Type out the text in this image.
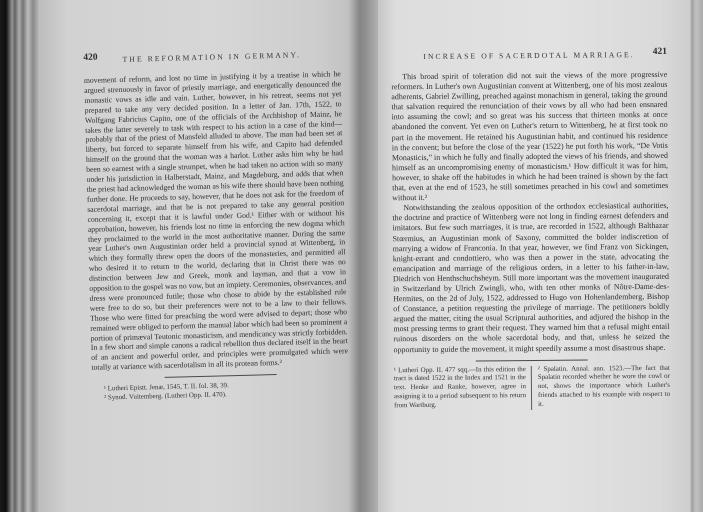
420	THE REFORMATION IN GERMANY.

movement of reform, and lost no time in justifying it by a treatise in which he argued strenuously in favor of priestly marriage, and energetically denounced the monastic vows as idle and vain. Luther, however, in his retreat, seems not yet prepared to take any very decided position. In a letter of Jan. 17th, 1522, to Wolfgang Fabricius Capito, one of the officials of the Archbishop of Mainz, he takes the latter severely to task with respect to his action in a case of the kind—probably that of the priest of Mansfeld alluded to above. The man had been set at liberty, but forced to separate himself from his wife, and Capito had defended himself on the ground that the woman was a harlot. Luther asks him why he had been so earnest with a single strumpet, when he had taken no action with so many under his jurisdiction in Halberstadt, Mainz, and Magdeburg, and adds that when the priest had acknowledged the woman as his wife there should have been nothing further done. He proceeds to say, however, that he does not ask for the freedom of sacerdotal marriage, and that he is not prepared to take any general position concerning it, except that it is lawful under God.¹ Either with or without his approbation, however, his friends lost no time in enforcing the new dogma which they proclaimed to the world in the most authoritative manner. During the same year Luther's own Augustinian order held a provincial synod at Wittenberg, in which they formally threw open the doors of the monasteries, and permitted all who desired it to return to the world, declaring that in Christ there was no distinction between Jew and Greek, monk and layman, and that a vow in opposition to the gospel was no vow, but an impiety. Ceremonies, observances, and dress were pronounced futile; those who chose to abide by the established rule were free to do so, but their preferences were not to be a law to their fellows. Those who were fitted for preaching the word were advised to depart; those who remained were obliged to perform the manual labor which had been so prominent a portion of primæval Teutonic monasticism, and mendicancy was strictly forbidden. In a few short and simple canons a radical rebellion thus declared itself in the heart of an ancient and powerful order, and principles were promulgated which were totally at variance with sacerdotalism in all its protean forms.²

¹ Lutheri Epistt. Jenæ, 1545, T. II. fol. 38, 39.
² Synod. Vuitemberg. (Lutheri Opp. II. 470).
INCREASE OF SACERDOTAL MARRIAGE.	421

This broad spirit of toleration did not suit the views of the more progressive reformers. In Luther's own Augustinian convent at Wittenberg, one of his most zealous adherents, Gabriel Zwilling, preached against monachism in general, taking the ground that salvation required the renunciation of their vows by all who had been ensnared into assuming the cowl; and so great was his success that thirteen monks at once abandoned the convent. Yet even on Luther's return to Wittenberg, he at first took no part in the movement. He retained his Augustinian habit, and continued his residence in the convent; but before the close of the year (1522) he put forth his work, “De Votis Monasticis,” in which he fully and finally adopted the views of his friends, and showed himself as an uncompromising enemy of monasticism.¹ How difficult it was for him, however, to shake off the habitudes in which he had been trained is shown by the fact that, even at the end of 1523, he still sometimes preached in his cowl and sometimes without it.²

Notwithstanding the zealous opposition of the orthodox ecclesiastical authorities, the doctrine and practice of Wittenberg were not long in finding earnest defenders and imitators. But few such marriages, it is true, are recorded in 1522, although Balthazar Stœrmius, an Augustinian monk of Saxony, committed the bolder indiscretion of marrying a widow of Franconia. In that year, however, we find Franz von Sickingen, knight-errant and condottiero, who was then a power in the state, advocating the emancipation and marriage of the religious orders, in a letter to his father-in-law, Diedrich von Henthschuchsheym. Still more important was the movement inaugurated in Switzerland by Ulrich Zwingli, who, with ten other monks of Nôtre-Dame-des-Hermites, on the 2d of July, 1522, addressed to Hugo von Hohenlandemberg, Bishop of Constance, a petition requesting the privilege of marriage. The petitioners boldly argued the matter, citing the usual Scriptural authorities, and adjured the bishop in the most pressing terms to grant their request. They warned him that a refusal might entail ruinous disorders on the whole sacerdotal body, and that, unless he seized the opportunity to guide the movement, it might speedily assume a most disastrous shape.

¹ Lutheri Opp. II. 477 sqq.—In this edition the tract is dated 1522 in the Index and 1521 in the text. Henke and Ranke, however, agree in assigning it to a period subsequent to his return from Wartburg.
² Spalatin. Annal. ann. 1523.—The fact that Spalatin recorded whether he wore the cowl or not, shows the importance which Luther's friends attached to his example with respect to it.
